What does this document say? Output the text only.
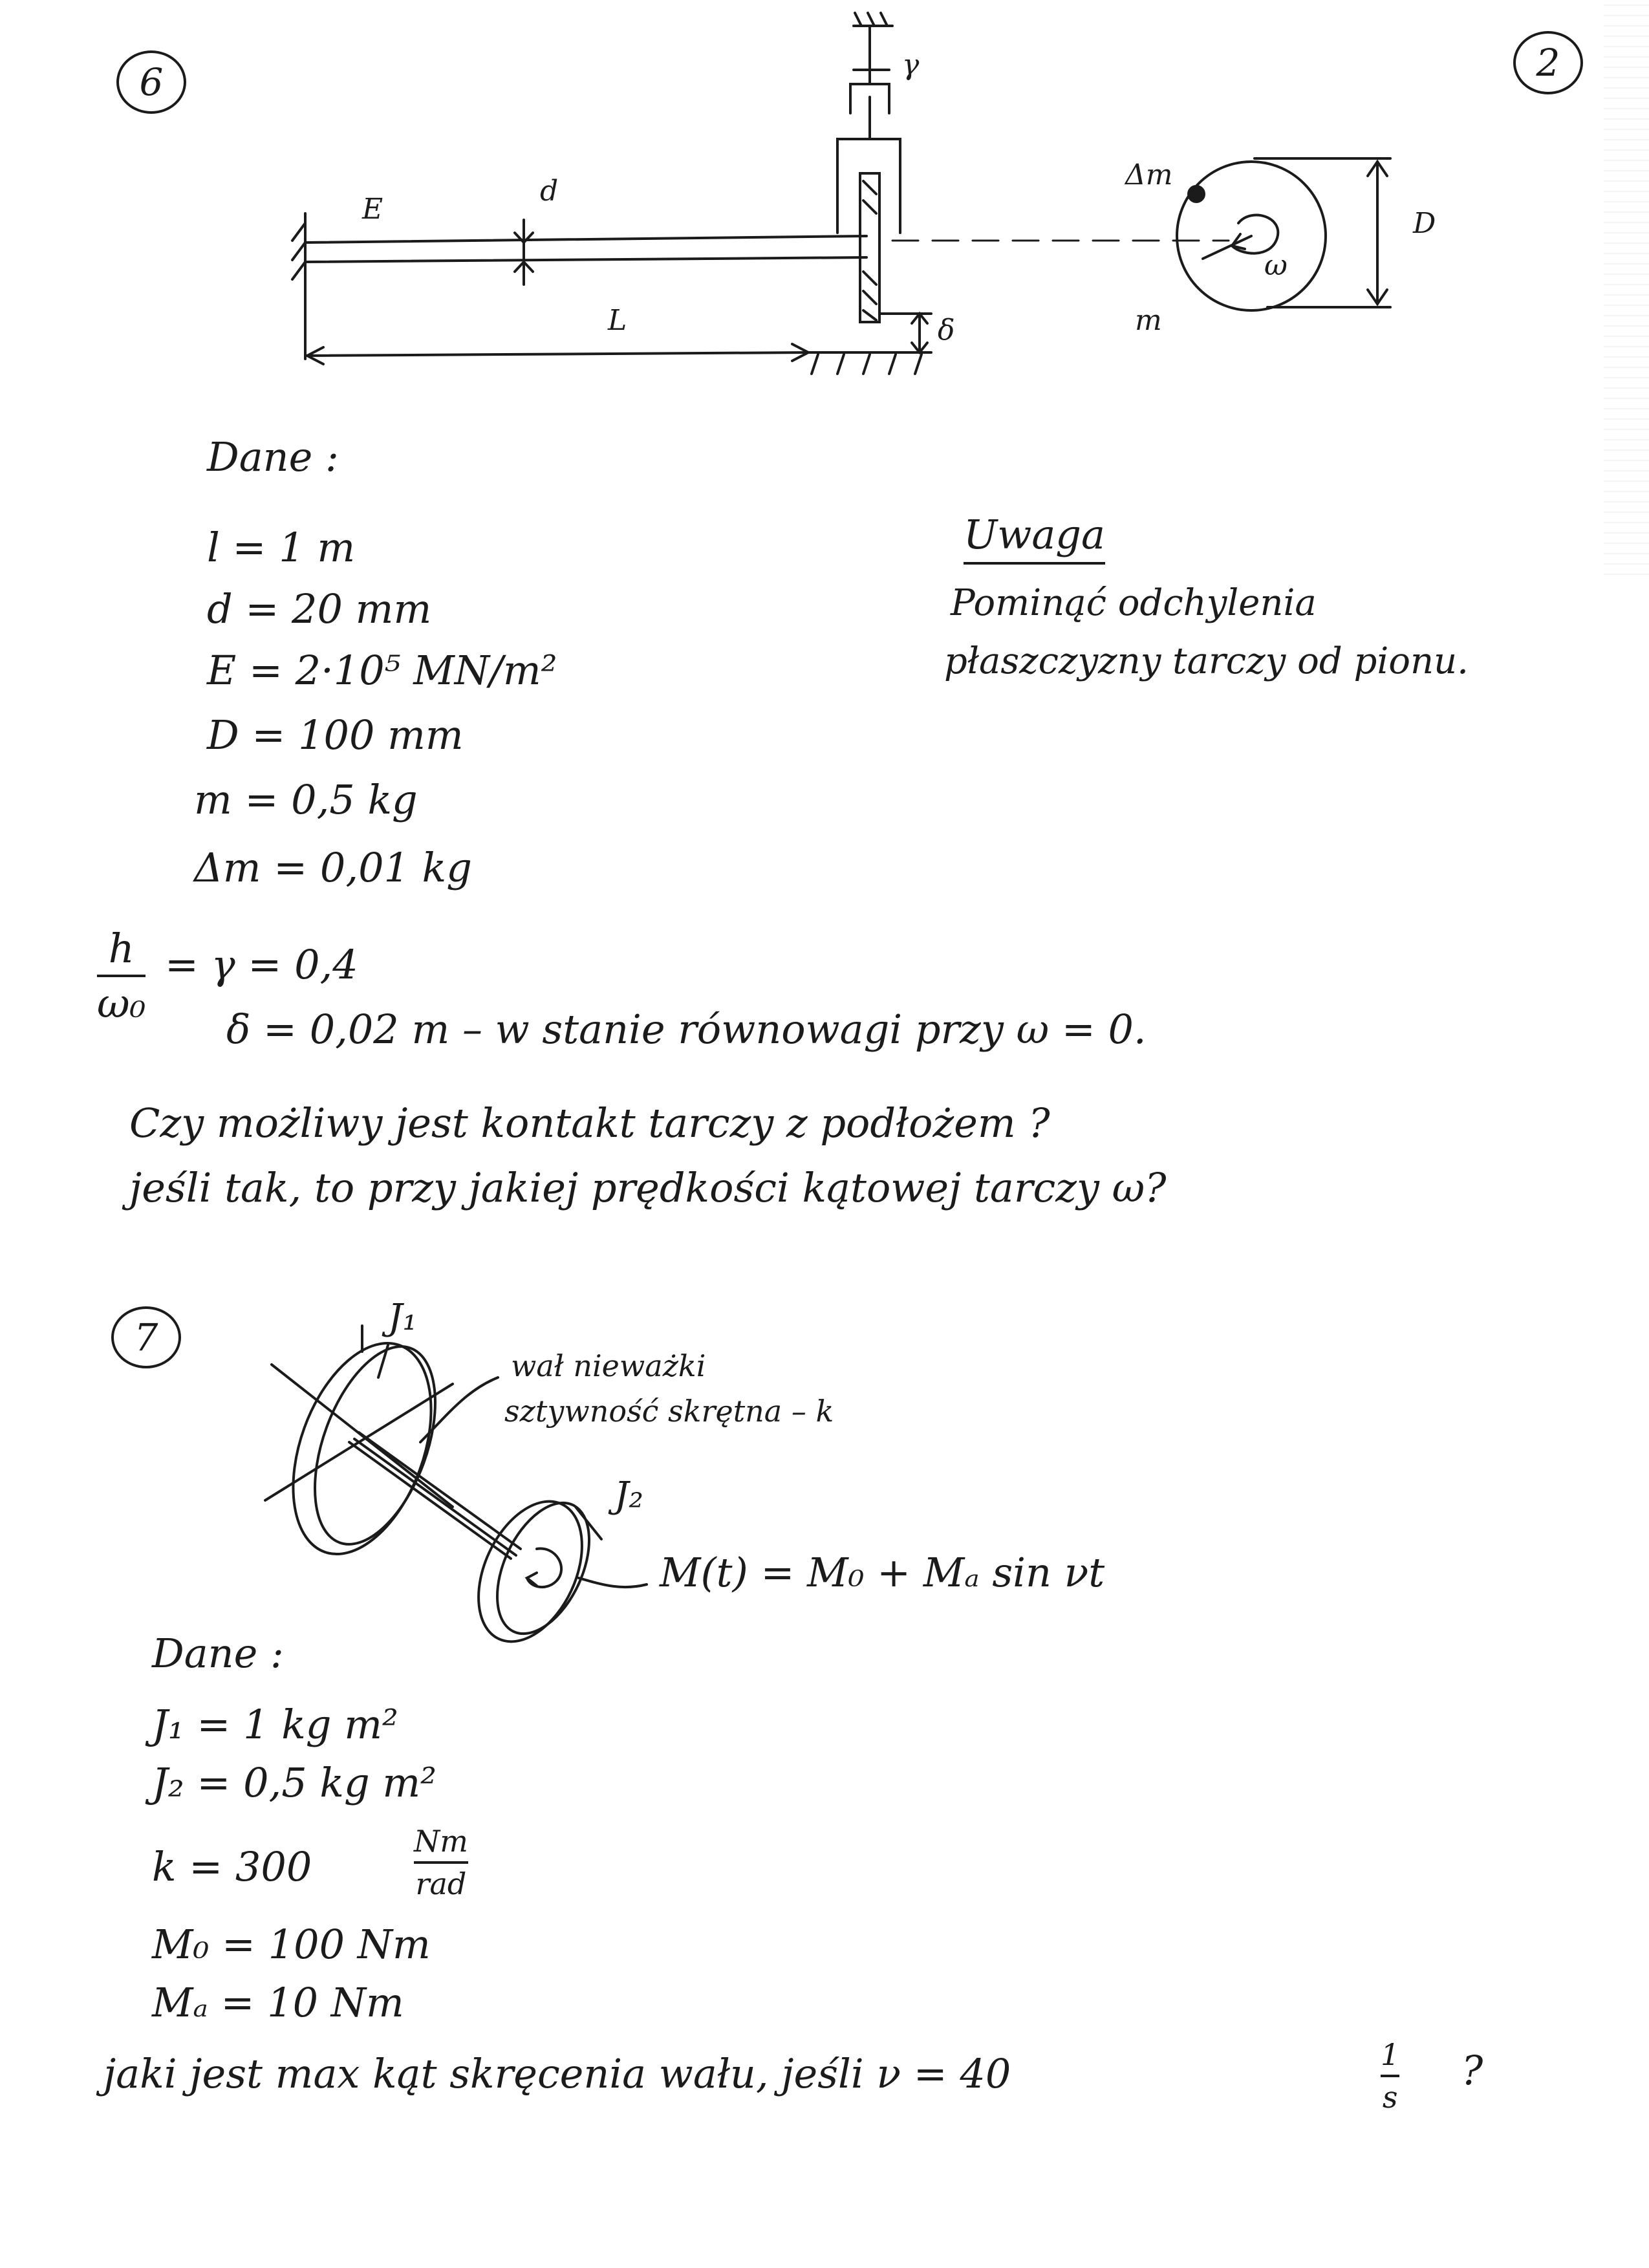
6	2
E
d
L	δ
γ
Δm
m
D
ω
Dane :
l = 1 m
d = 20 mm
E = 2·10⁵ MN/m²
D = 100 mm
m = 0,5 kg
Δm = 0,01 kg
h
ω₀
= γ = 0,4
δ = 0,02 m – w stanie równowagi przy ω = 0.
Uwaga
Pominąć odchylenia
płaszczyzny tarczy od pionu.
Czy możliwy jest kontakt tarczy z podłożem ?
jeśli tak, to przy jakiej prędkości kątowej tarczy ω?
7	J₁
J₂
wał nieważki
sztywność skrętna – k
M(t) = M₀ + Mₐ sin νt
Dane :
J₁ = 1 kg m²
J₂ = 0,5 kg m²
k = 300
Nm
rad
M₀ = 100 Nm
Mₐ = 10 Nm
jaki jest max kąt skręcenia wału, jeśli ν = 40	1
s
?
